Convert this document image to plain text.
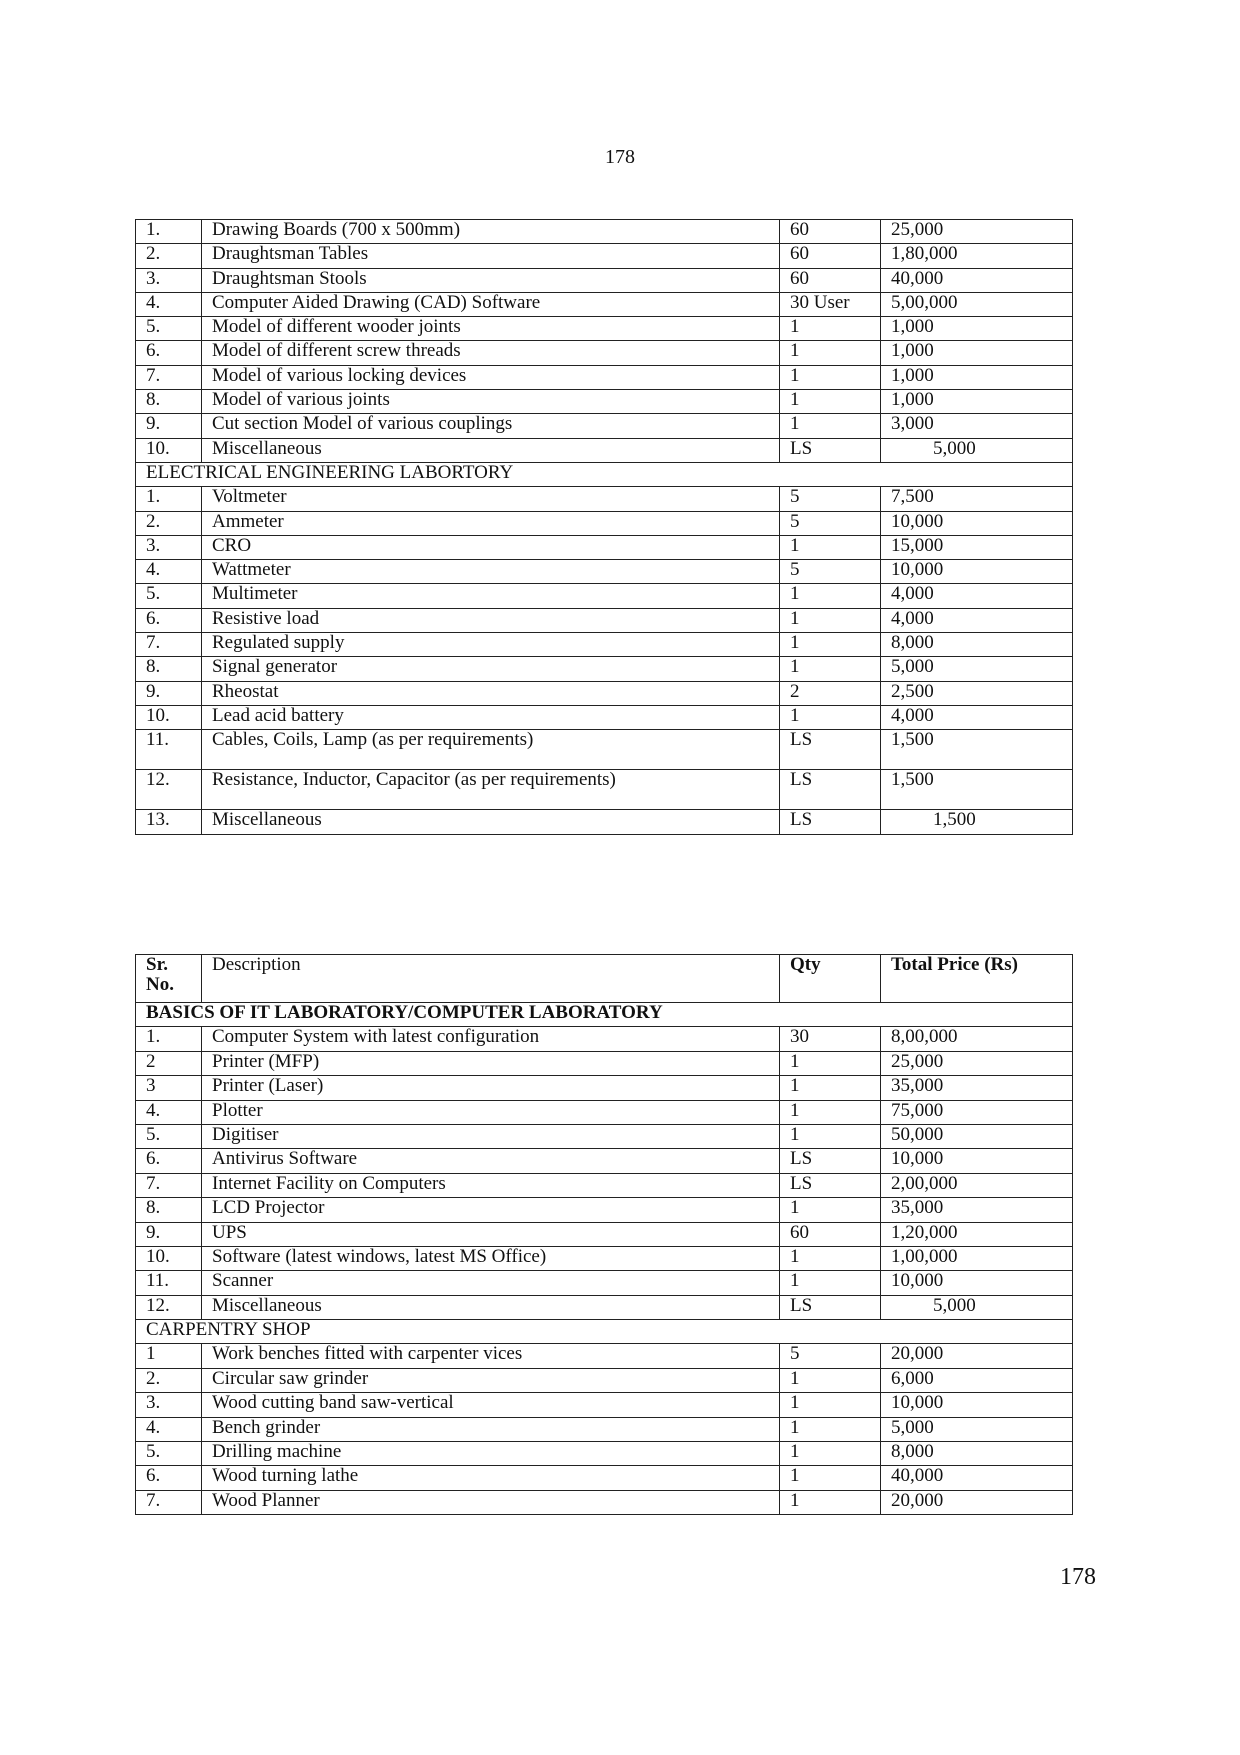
178
1.	Drawing Boards (700 x 500mm)	60	25,000
2.	Draughtsman Tables	60	1,80,000
3.	Draughtsman Stools	60	40,000
4.	Computer Aided Drawing (CAD) Software	30 User	5,00,000
5.	Model of different wooder joints	1	1,000
6.	Model of different screw threads	1	1,000
7.	Model of various locking devices	1	1,000
8.	Model of various joints	1	1,000
9.	Cut section Model of various couplings	1	3,000
10.	Miscellaneous	LS	5,000
ELECTRICAL ENGINEERING LABORTORY			
1.	Voltmeter	5	7,500
2.	Ammeter	5	10,000
3.	CRO	1	15,000
4.	Wattmeter	5	10,000
5.	Multimeter	1	4,000
6.	Resistive load	1	4,000
7.	Regulated supply	1	8,000
8.	Signal generator	1	5,000
9.	Rheostat	2	2,500
10.	Lead acid battery	1	4,000
11.	Cables, Coils, Lamp (as per requirements)	LS	1,500
12.	Resistance, Inductor, Capacitor (as per requirements)	LS	1,500
13.	Miscellaneous	LS	1,500
Sr. No.	Description	Qty	Total Price (Rs)
BASICS OF IT LABORATORY/COMPUTER LABORATORY			
1.	Computer System with latest configuration	30	8,00,000
2	Printer (MFP)	1	25,000
3	Printer (Laser)	1	35,000
4.	Plotter	1	75,000
5.	Digitiser	1	50,000
6.	Antivirus Software	LS	10,000
7.	Internet Facility on Computers	LS	2,00,000
8.	LCD Projector	1	35,000
9.	UPS	60	1,20,000
10.	Software (latest windows, latest MS Office)	1	1,00,000
11.	Scanner	1	10,000
12.	Miscellaneous	LS	5,000
CARPENTRY SHOP			
1	Work benches fitted with carpenter vices	5	20,000
2.	Circular saw grinder	1	6,000
3.	Wood cutting band saw-vertical	1	10,000
4.	Bench grinder	1	5,000
5.	Drilling machine	1	8,000
6.	Wood turning lathe	1	40,000
7.	Wood Planner	1	20,000
178
